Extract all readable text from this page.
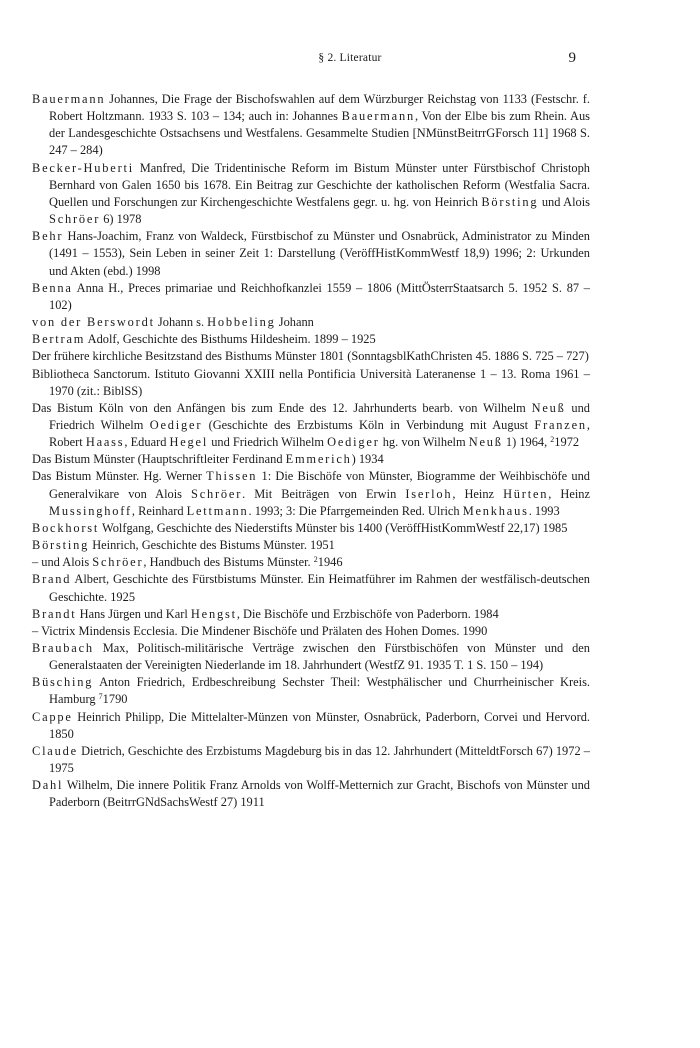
§ 2. Literatur	9

Bauermann Johannes, Die Frage der Bischofswahlen auf dem Würzburger Reichstag von 1133 (Festschr. f. Robert Holtzmann. 1933 S. 103 – 134; auch in: Johannes Bauermann, Von der Elbe bis zum Rhein. Aus der Landesgeschichte Ostsachsens und Westfalens. Gesammelte Studien [NMünstBeitrrGForsch 11] 1968 S. 247 – 284)

Becker-Huberti Manfred, Die Tridentinische Reform im Bistum Münster unter Fürstbischof Christoph Bernhard von Galen 1650 bis 1678. Ein Beitrag zur Geschichte der katholischen Reform (Westfalia Sacra. Quellen und Forschungen zur Kirchengeschichte Westfalens gegr. u. hg. von Heinrich Börsting und Alois Schröer 6) 1978

Behr Hans-Joachim, Franz von Waldeck, Fürstbischof zu Münster und Osnabrück, Administrator zu Minden (1491 – 1553), Sein Leben in seiner Zeit 1: Darstellung (VeröffHistKommWestf 18,9) 1996; 2: Urkunden und Akten (ebd.) 1998

Benna Anna H., Preces primariae und Reichhofkanzlei 1559 – 1806 (MittÖsterrStaatsarch 5. 1952 S. 87 – 102)

von der Berswordt Johann s. Hobbeling Johann

Bertram Adolf, Geschichte des Bisthums Hildesheim. 1899 – 1925

Der frühere kirchliche Besitzstand des Bisthums Münster 1801 (SonntagsblKathChristen 45. 1886 S. 725 – 727)

Bibliotheca Sanctorum. Istituto Giovanni XXIII nella Pontificia Università Lateranense 1 – 13. Roma 1961 – 1970 (zit.: BiblSS)

Das Bistum Köln von den Anfängen bis zum Ende des 12. Jahrhunderts bearb. von Wilhelm Neuß und Friedrich Wilhelm Oediger (Geschichte des Erzbistums Köln in Verbindung mit August Franzen, Robert Haass, Eduard Hegel und Friedrich Wilhelm Oediger hg. von Wilhelm Neuß 1) 1964, $^2$1972

Das Bistum Münster (Hauptschriftleiter Ferdinand Emmerich) 1934

Das Bistum Münster. Hg. Werner Thissen 1: Die Bischöfe von Münster, Biogramme der Weihbischöfe und Generalvikare von Alois Schröer. Mit Beiträgen von Erwin Iserloh, Heinz Hürten, Heinz Mussinghoff, Reinhard Lettmann. 1993; 3: Die Pfarrgemeinden Red. Ulrich Menkhaus. 1993

Bockhorst Wolfgang, Geschichte des Niederstifts Münster bis 1400 (VeröffHistKommWestf 22,17) 1985

Börsting Heinrich, Geschichte des Bistums Münster. 1951

– und Alois Schröer, Handbuch des Bistums Münster. $^2$1946

Brand Albert, Geschichte des Fürstbistums Münster. Ein Heimatführer im Rahmen der westfälisch-deutschen Geschichte. 1925

Brandt Hans Jürgen und Karl Hengst, Die Bischöfe und Erzbischöfe von Paderborn. 1984

– Victrix Mindensis Ecclesia. Die Mindener Bischöfe und Prälaten des Hohen Domes. 1990

Braubach Max, Politisch-militärische Verträge zwischen den Fürstbischöfen von Münster und den Generalstaaten der Vereinigten Niederlande im 18. Jahrhundert (WestfZ 91. 1935 T. 1 S. 150 – 194)

Büsching Anton Friedrich, Erdbeschreibung Sechster Theil: Westphälischer und Churrheinischer Kreis. Hamburg $^7$1790

Cappe Heinrich Philipp, Die Mittelalter-Münzen von Münster, Osnabrück, Paderborn, Corvei und Hervord. 1850

Claude Dietrich, Geschichte des Erzbistums Magdeburg bis in das 12. Jahrhundert (MitteldtForsch 67) 1972 – 1975

Dahl Wilhelm, Die innere Politik Franz Arnolds von Wolff-Metternich zur Gracht, Bischofs von Münster und Paderborn (BeitrrGNdSachsWestf 27) 1911
